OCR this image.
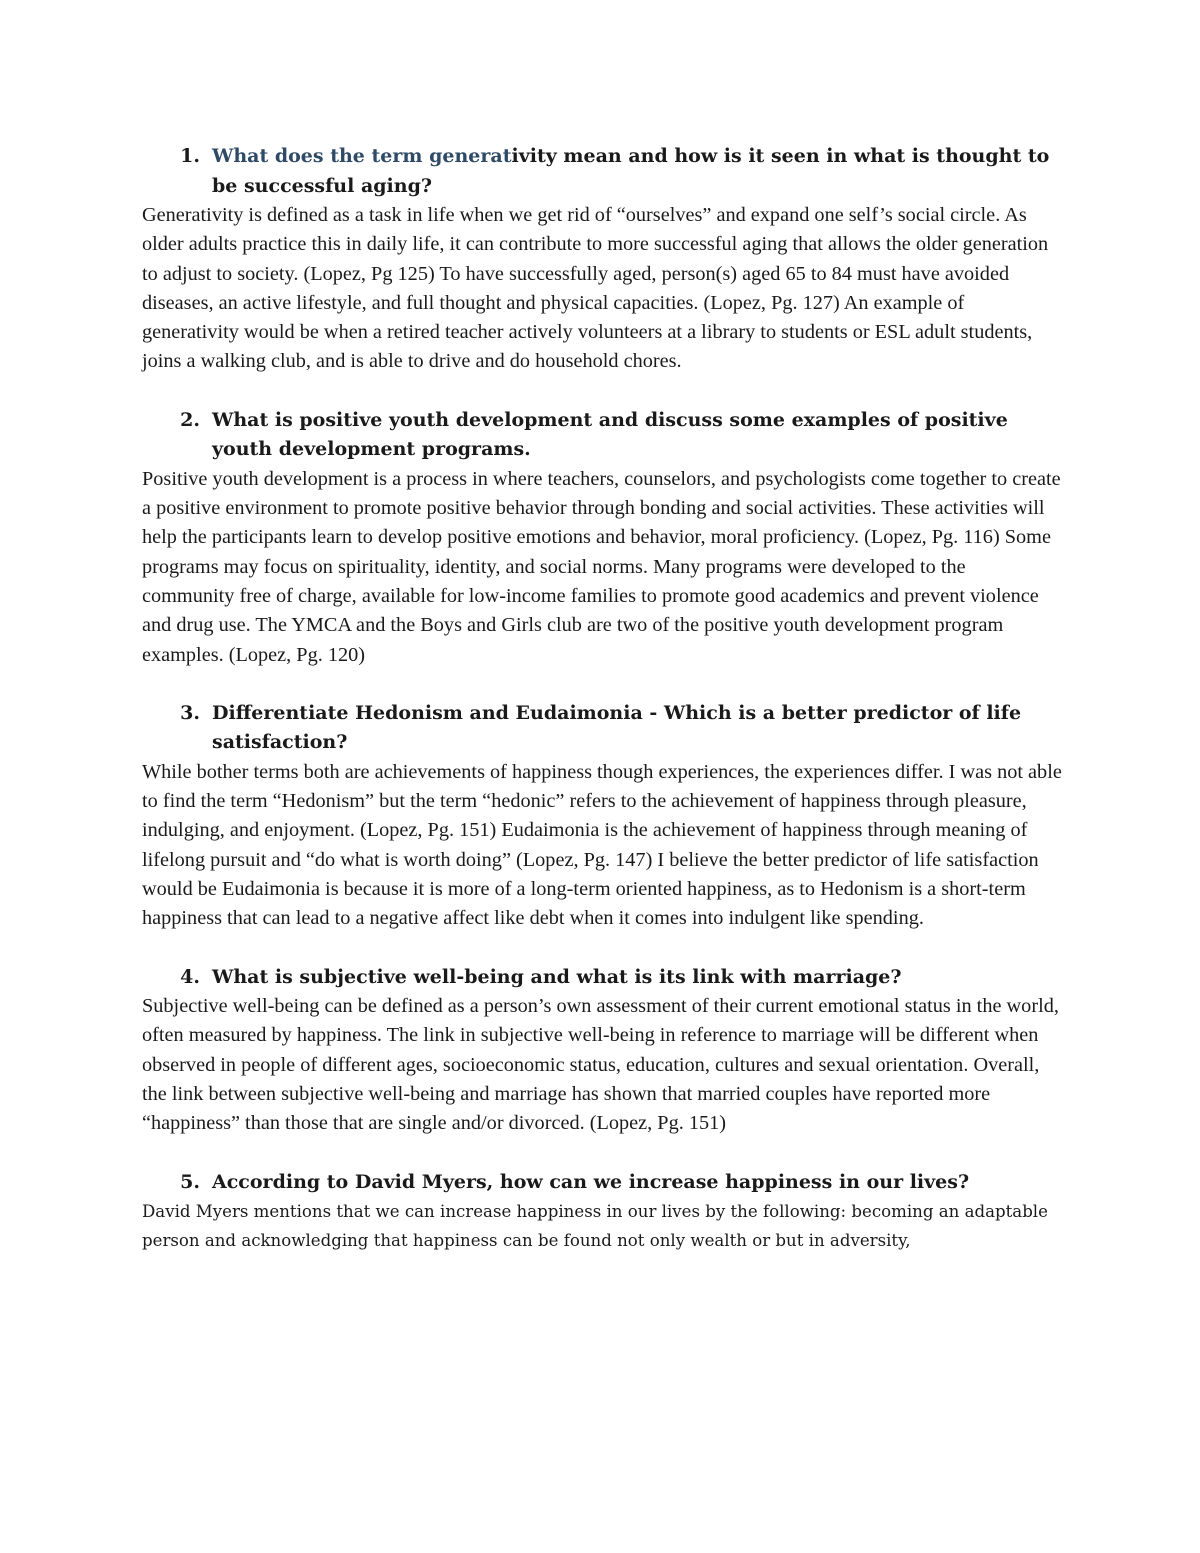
1. What does the term generativity mean and how is it seen in what is thought to be successful aging?

Generativity is defined as a task in life when we get rid of “ourselves” and expand one self’s social circle. As older adults practice this in daily life, it can contribute to more successful aging that allows the older generation to adjust to society. (Lopez, Pg 125) To have successfully aged, person(s) aged 65 to 84 must have avoided diseases, an active lifestyle, and full thought and physical capacities. (Lopez, Pg. 127) An example of generativity would be when a retired teacher actively volunteers at a library to students or ESL adult students, joins a walking club, and is able to drive and do household chores.

2. What is positive youth development and discuss some examples of positive youth development programs.

Positive youth development is a process in where teachers, counselors, and psychologists come together to create a positive environment to promote positive behavior through bonding and social activities. These activities will help the participants learn to develop positive emotions and behavior, moral proficiency. (Lopez, Pg. 116) Some programs may focus on spirituality, identity, and social norms. Many programs were developed to the community free of charge, available for low-income families to promote good academics and prevent violence and drug use. The YMCA and the Boys and Girls club are two of the positive youth development program examples. (Lopez, Pg. 120)

3. Differentiate Hedonism and Eudaimonia - Which is a better predictor of life satisfaction?

While bother terms both are achievements of happiness though experiences, the experiences differ. I was not able to find the term “Hedonism” but the term “hedonic” refers to the achievement of happiness through pleasure, indulging, and enjoyment. (Lopez, Pg. 151) Eudaimonia is the achievement of happiness through meaning of lifelong pursuit and “do what is worth doing” (Lopez, Pg. 147) I believe the better predictor of life satisfaction would be Eudaimonia is because it is more of a long-term oriented happiness, as to Hedonism is a short-term happiness that can lead to a negative affect like debt when it comes into indulgent like spending.

4. What is subjective well-being and what is its link with marriage?

Subjective well-being can be defined as a person’s own assessment of their current emotional status in the world, often measured by happiness. The link in subjective well-being in reference to marriage will be different when observed in people of different ages, socioeconomic status, education, cultures and sexual orientation. Overall, the link between subjective well-being and marriage has shown that married couples have reported more “happiness” than those that are single and/or divorced. (Lopez, Pg. 151)

5. According to David Myers, how can we increase happiness in our lives?

David Myers mentions that we can increase happiness in our lives by the following: becoming an adaptable person and acknowledging that happiness can be found not only wealth or but in adversity,
